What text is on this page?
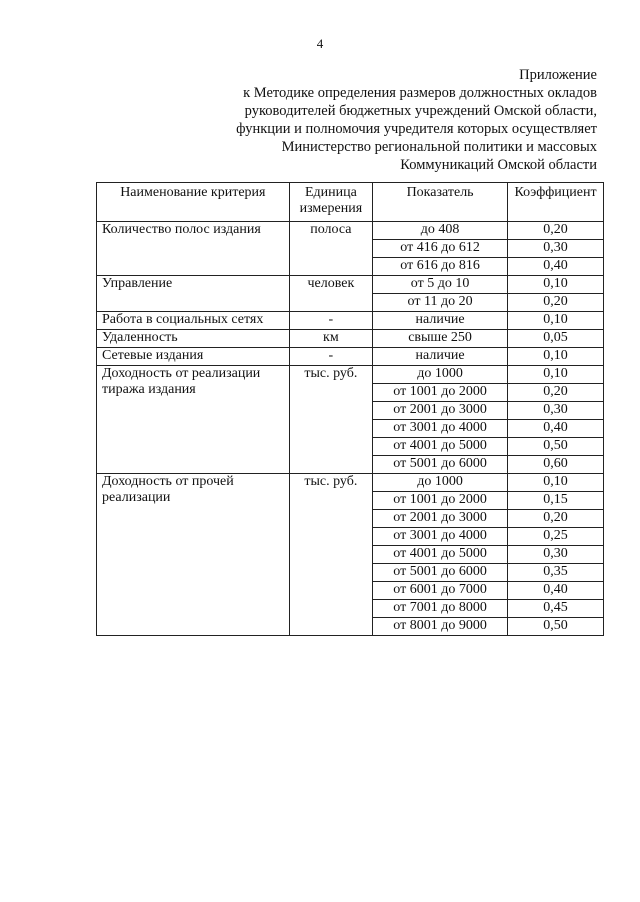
4
Приложение
к Методике определения размеров должностных окладов
руководителей бюджетных учреждений Омской области,
функции и полномочия учредителя которых осуществляет
Министерство региональной политики и массовых
Коммуникаций Омской области
Наименование критерия	Единица измерения	Показатель	Коэффициент
Количество полос издания	полоса	до 408	0,20
		от 416 до 612	0,30
		от 616 до 816	0,40
Управление	человек	от 5 до 10	0,10
		от 11 до 20	0,20
Работа в социальных сетях	-	наличие	0,10
Удаленность	км	свыше 250	0,05
Сетевые издания	-	наличие	0,10
Доходность от реализации тиража издания	тыс. руб.	до 1000	0,10
		от 1001 до 2000	0,20
		от 2001 до 3000	0,30
		от 3001 до 4000	0,40
		от 4001 до 5000	0,50
		от 5001 до 6000	0,60
Доходность от прочей реализации	тыс. руб.	до 1000	0,10
		от 1001 до 2000	0,15
		от 2001 до 3000	0,20
		от 3001 до 4000	0,25
		от 4001 до 5000	0,30
		от 5001 до 6000	0,35
		от 6001 до 7000	0,40
		от 7001 до 8000	0,45
		от 8001 до 9000	0,50
